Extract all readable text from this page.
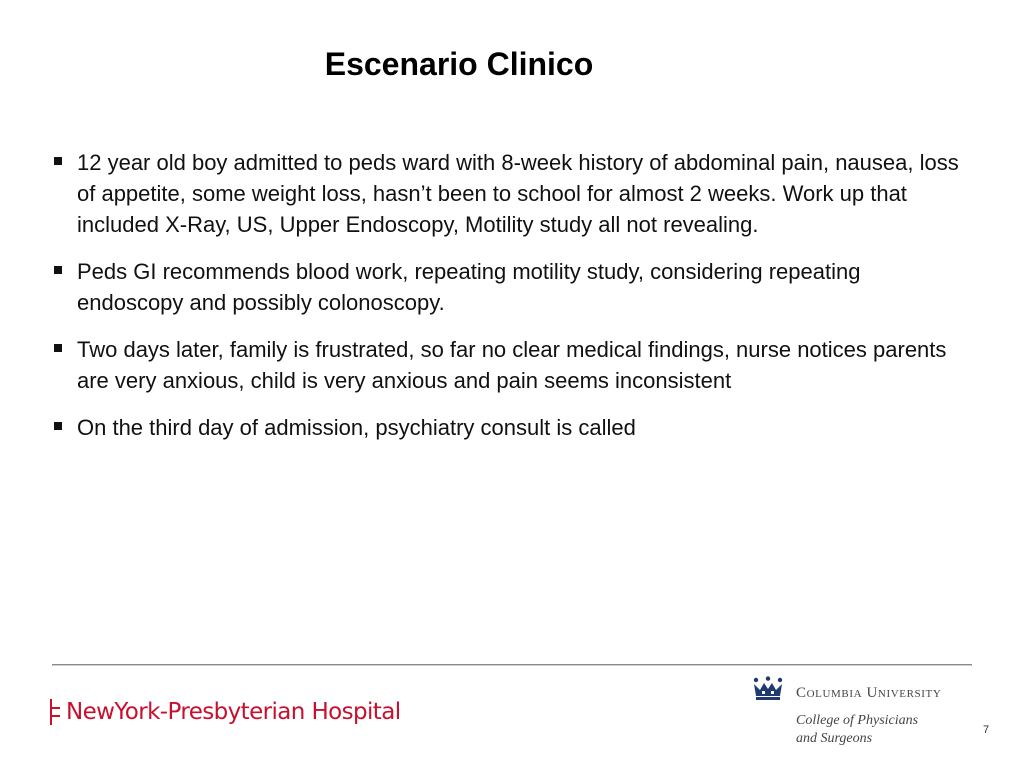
Escenario Clinico
12 year old boy admitted to peds ward with 8-week history of abdominal pain, nausea, loss of appetite, some weight loss, hasn’t been to school for almost 2 weeks. Work up that included X-Ray, US, Upper Endoscopy, Motility study all not revealing.
Peds GI recommends blood work, repeating motility study, considering repeating endoscopy and possibly colonoscopy.
Two days later, family is frustrated, so far no clear medical findings, nurse notices parents are very anxious, child is very anxious and pain seems inconsistent
On the third day of admission, psychiatry consult is called
NewYork-Presbyterian Hospital
Columbia University
College of Physicians
and Surgeons
7
